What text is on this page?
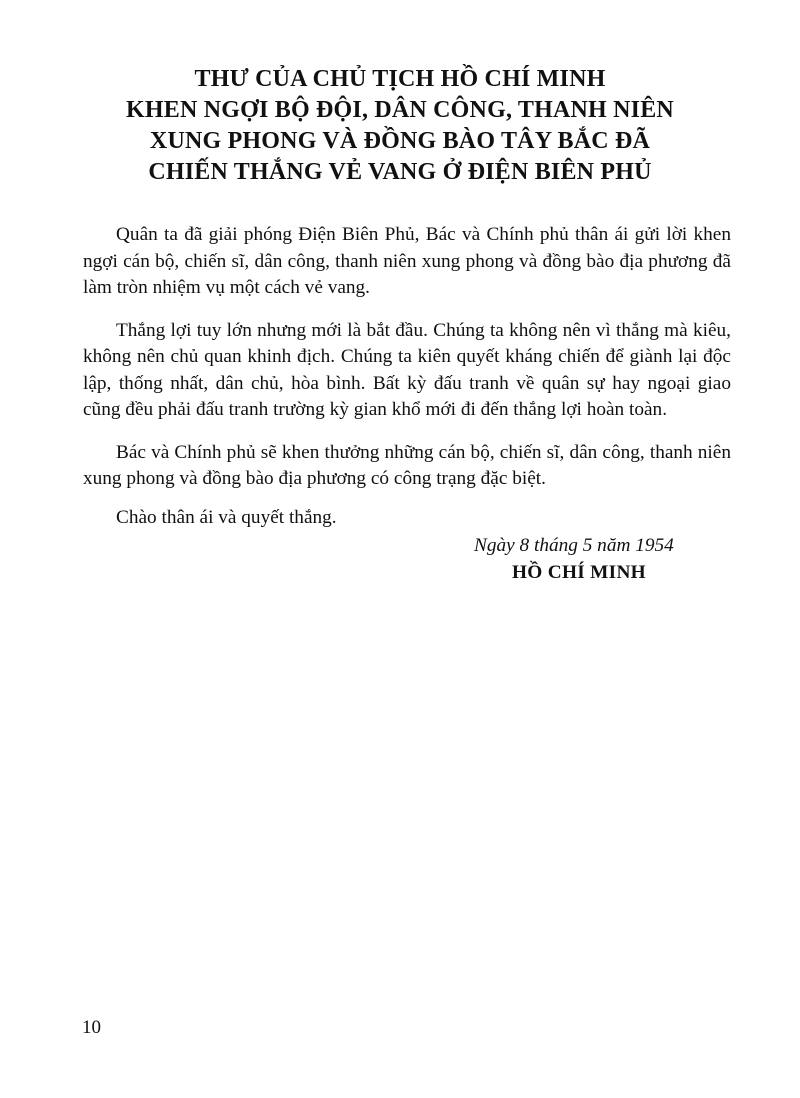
THƯ CỦA CHỦ TỊCH HỒ CHÍ MINH
KHEN NGỢI BỘ ĐỘI, DÂN CÔNG, THANH NIÊN
XUNG PHONG VÀ ĐỒNG BÀO TÂY BẮC ĐÃ
CHIẾN THẮNG VẺ VANG Ở ĐIỆN BIÊN PHỦ

Quân ta đã giải phóng Điện Biên Phủ, Bác và Chính phủ thân ái gửi lời khen ngợi cán bộ, chiến sĩ, dân công, thanh niên xung phong và đồng bào địa phương đã làm tròn nhiệm vụ một cách vẻ vang.

Thắng lợi tuy lớn nhưng mới là bắt đầu. Chúng ta không nên vì thắng mà kiêu, không nên chủ quan khinh địch. Chúng ta kiên quyết kháng chiến để giành lại độc lập, thống nhất, dân chủ, hòa bình. Bất kỳ đấu tranh về quân sự hay ngoại giao cũng đều phải đấu tranh trường kỳ gian khổ mới đi đến thắng lợi hoàn toàn.

Bác và Chính phủ sẽ khen thưởng những cán bộ, chiến sĩ, dân công, thanh niên xung phong và đồng bào địa phương có công trạng đặc biệt.

Chào thân ái và quyết thắng.
Ngày 8 tháng 5 năm 1954
HỒ CHÍ MINH
10
